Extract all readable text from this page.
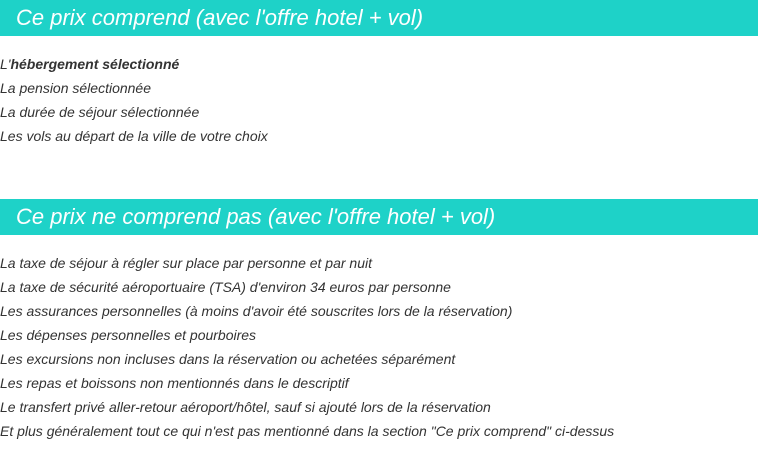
Ce prix comprend (avec l'offre hotel + vol)
L'hébergement sélectionné
La pension sélectionnée
La durée de séjour sélectionnée
Les vols au départ de la ville de votre choix
Ce prix ne comprend pas (avec l'offre hotel + vol)
La taxe de séjour à régler sur place par personne et par nuit
La taxe de sécurité aéroportuaire (TSA) d'environ 34 euros par personne
Les assurances personnelles (à moins d'avoir été souscrites lors de la réservation)
Les dépenses personnelles et pourboires
Les excursions non incluses dans la réservation ou achetées séparément
Les repas et boissons non mentionnés dans le descriptif
Le transfert privé aller-retour aéroport/hôtel, sauf si ajouté lors de la réservation
Et plus généralement tout ce qui n'est pas mentionné dans la section "Ce prix comprend" ci-dessus
